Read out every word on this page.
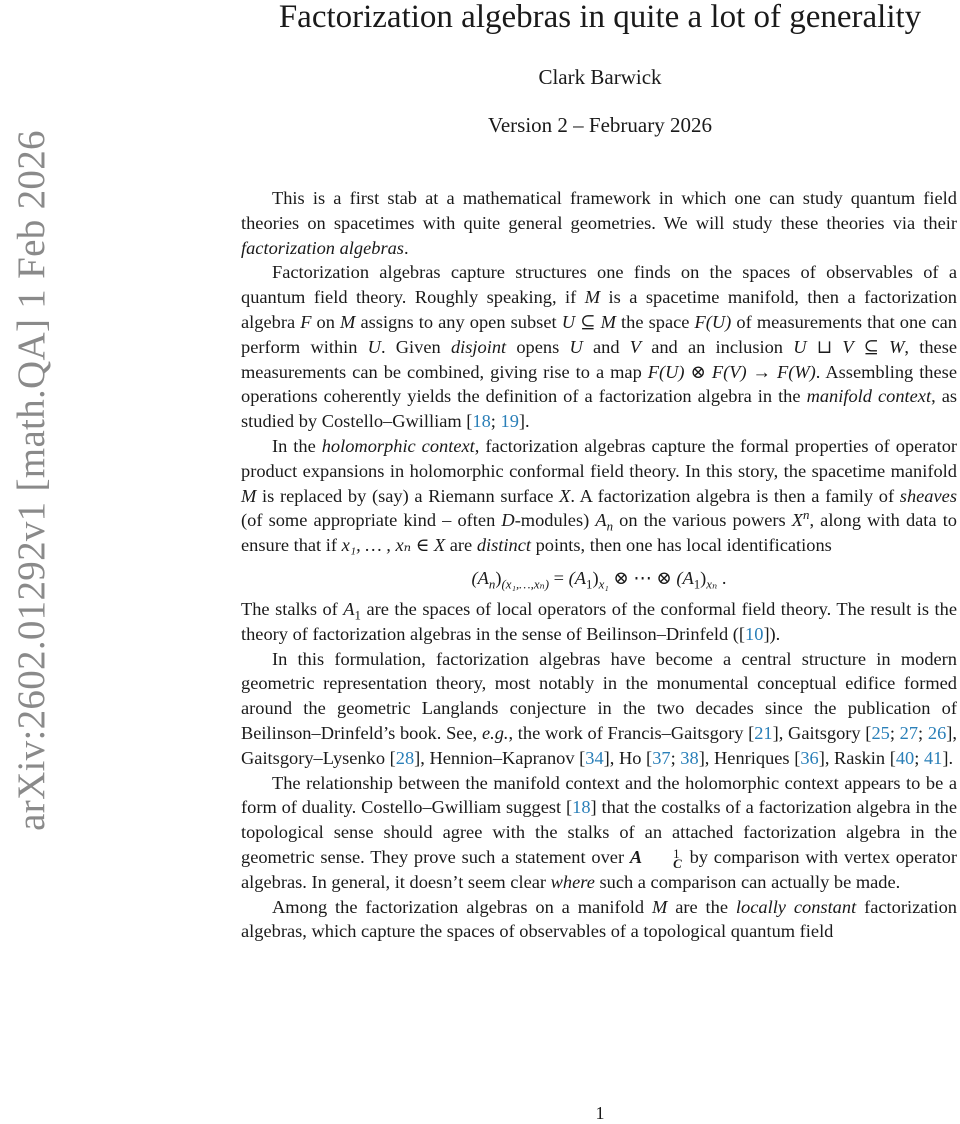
arXiv:2602.01292v1 [math.QA] 1 Feb 2026
Factorization algebras in quite a lot of generality
Clark Barwick
Version 2 – February 2026

This is a first stab at a mathematical framework in which one can study quantum field theories on spacetimes with quite general geometries. We will study these theories via their factorization algebras.

Factorization algebras capture structures one finds on the spaces of observables of a quantum field theory. Roughly speaking, if M is a spacetime manifold, then a factorization algebra F on M assigns to any open subset U ⊆ M the space F(U) of measurements that one can perform within U. Given disjoint opens U and V and an inclusion U ⊔ V ⊆ W, these measurements can be combined, giving rise to a map F(U) ⊗ F(V) → F(W). Assembling these operations coherently yields the definition of a factorization algebra in the manifold context, as studied by Costello–Gwilliam [18; 19].

In the holomorphic context, factorization algebras capture the formal properties of operator product expansions in holomorphic conformal field theory. In this story, the spacetime manifold M is replaced by (say) a Riemann surface X. A factorization algebra is then a family of sheaves (of some appropriate kind – often D-modules) $A_n$ on the various powers $X^n$, along with data to ensure that if x₁, … , xₙ ∈ X are distinct points, then one has local identifications

$(A_n)_{(x_1,\dots,x_n)} = (A_1)_{x_1}$ ⊗ ⋯ ⊗ $(A_1)_{x_n}$ .

The stalks of $A_1$ are the spaces of local operators of the conformal field theory. The result is the theory of factorization algebras in the sense of Beilinson–Drinfeld ([10]).

In this formulation, factorization algebras have become a central structure in modern geometric representation theory, most notably in the monumental conceptual edifice formed around the geometric Langlands conjecture in the two decades since the publication of Beilinson–Drinfeld’s book. See, e.g., the work of Francis–Gaitsgory [21], Gaitsgory [25; 27; 26], Gaitsgory–Lysenko [28], Hennion–Kapranov [34], Ho [37; 38], Henriques [36], Raskin [40; 41].

The relationship between the manifold context and the holomorphic context appears to be a form of duality. Costello–Gwilliam suggest [18] that the costalks of a factorization algebra in the topological sense should agree with the stalks of an attached factorization algebra in the geometric sense. They prove such a statement over A	1
C by comparison with vertex operator algebras. In general, it doesn’t seem clear where such a comparison can actually be made.

Among the factorization algebras on a manifold M are the locally constant factorization algebras, which capture the spaces of observables of a topological quantum field

1
